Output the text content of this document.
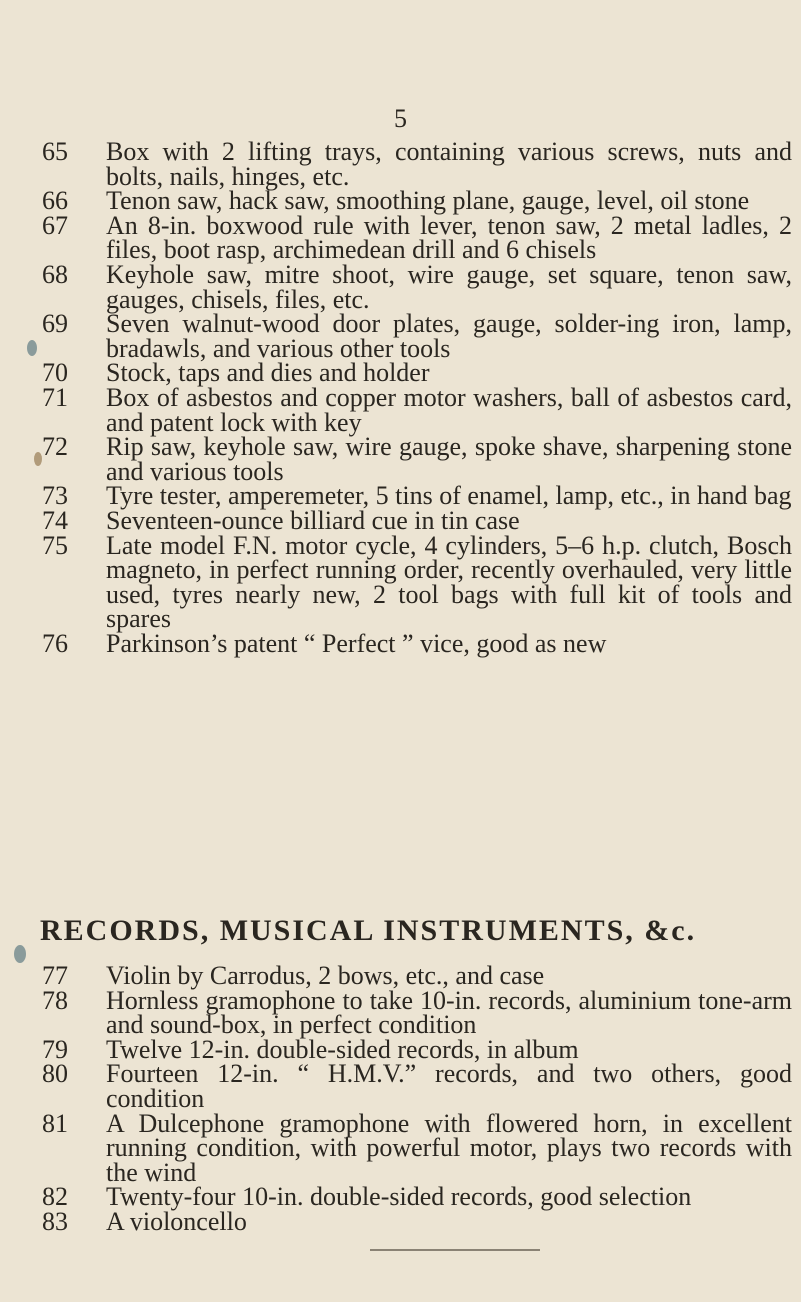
5
65	Box with 2 lifting trays, containing various screws, nuts and bolts, nails, hinges, etc.
66	Tenon saw, hack saw, smoothing plane, gauge, level, oil stone
67	An 8-in. boxwood rule with lever, tenon saw, 2 metal ladles, 2 files, boot rasp, archimedean drill and 6 chisels
68	Keyhole saw, mitre shoot, wire gauge, set square, tenon saw, gauges, chisels, files, etc.
69	Seven walnut-wood door plates, gauge, solder-ing iron, lamp, bradawls, and various other tools
70	Stock, taps and dies and holder
71	Box of asbestos and copper motor washers, ball of asbestos card, and patent lock with key
72	Rip saw, keyhole saw, wire gauge, spoke shave, sharpening stone and various tools
73	Tyre tester, amperemeter, 5 tins of enamel, lamp, etc., in hand bag
74	Seventeen-ounce billiard cue in tin case
75	Late model F.N. motor cycle, 4 cylinders, 5–6 h.p. clutch, Bosch magneto, in perfect running order, recently overhauled, very little used, tyres nearly new, 2 tool bags with full kit of tools and spares
76	Parkinson’s patent “ Perfect ” vice, good as new
RECORDS, MUSICAL INSTRUMENTS, &c.
77	Violin by Carrodus, 2 bows, etc., and case
78	Hornless gramophone to take 10-in. records, aluminium tone-arm and sound-box, in perfect condition
79	Twelve 12-in. double-sided records, in album
80	Fourteen 12-in. “ H.M.V.” records, and two others, good condition
81	A Dulcephone gramophone with flowered horn, in excellent running condition, with powerful motor, plays two records with the wind
82	Twenty-four 10-in. double-sided records, good selection
83	A violoncello
